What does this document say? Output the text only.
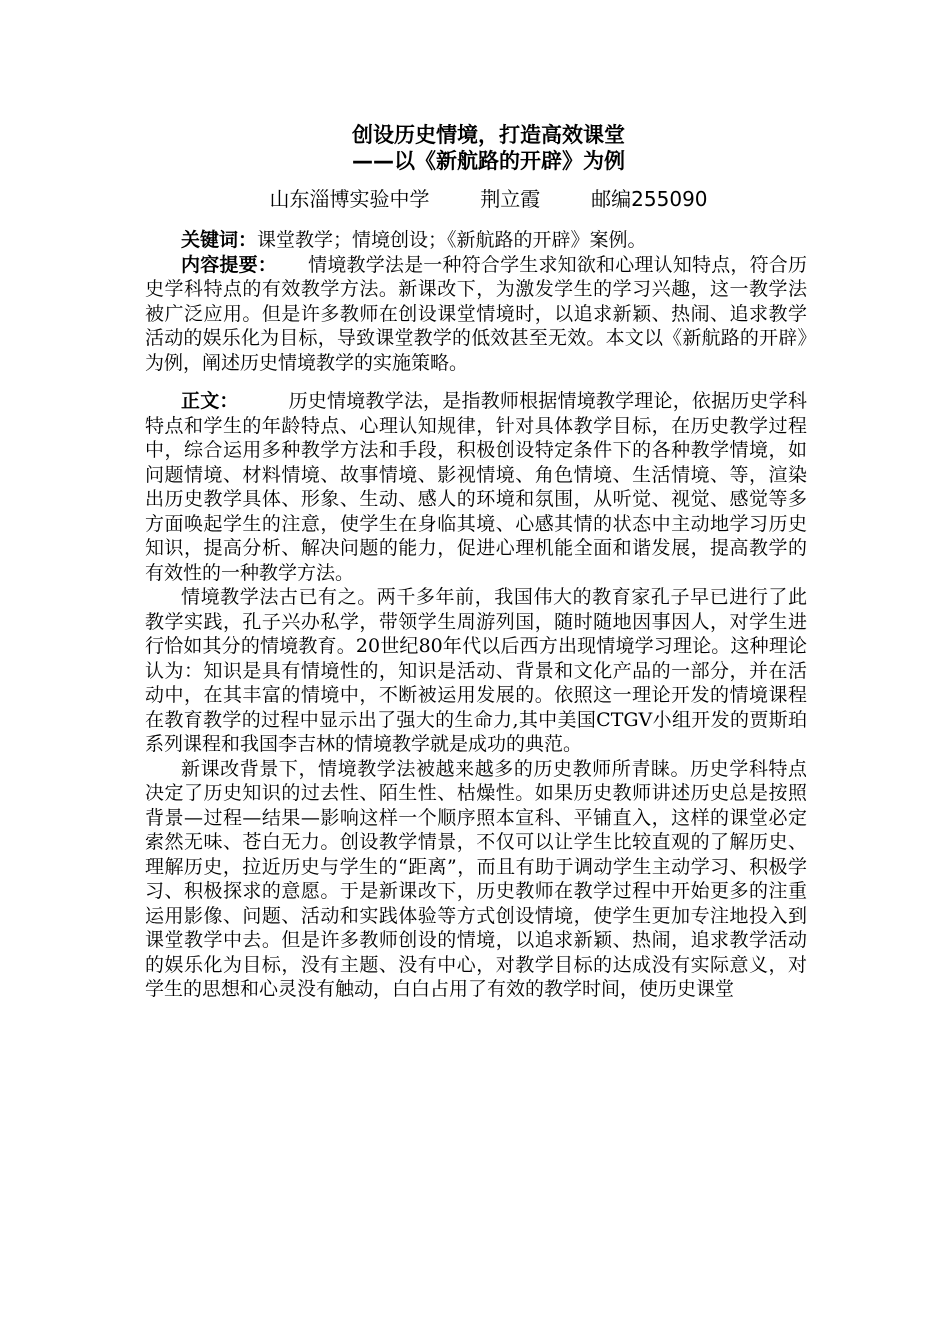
创设历史情境，打造高效课堂
——以《新航路的开辟》为例
山东淄博实验中学	荆立霞	邮编255090

关键词：课堂教学；情境创设；《新航路的开辟》案例。

内容提要： 情境教学法是一种符合学生求知欲和心理认知特点，符合历史学科特点的有效教学方法。新课改下，为激发学生的学习兴趣，这一教学法被广泛应用。但是许多教师在创设课堂情境时，以追求新颖、热闹、追求教学活动的娱乐化为目标，导致课堂教学的低效甚至无效。本文以《新航路的开辟》为例，阐述历史情境教学的实施策略。

正文：	历史情境教学法，是指教师根据情境教学理论，依据历史学科特点和学生的年龄特点、心理认知规律，针对具体教学目标，在历史教学过程中，综合运用多种教学方法和手段，积极创设特定条件下的各种教学情境，如问题情境、材料情境、故事情境、影视情境、角色情境、生活情境、等，渲染出历史教学具体、形象、生动、感人的环境和氛围，从听觉、视觉、感觉等多方面唤起学生的注意，使学生在身临其境、心感其情的状态中主动地学习历史知识，提高分析、解决问题的能力，促进心理机能全面和谐发展，提高教学的有效性的一种教学方法。

情境教学法古已有之。两千多年前，我国伟大的教育家孔子早已进行了此教学实践，孔子兴办私学，带领学生周游列国，随时随地因事因人，对学生进行恰如其分的情境教育。20世纪80年代以后西方出现情境学习理论。这种理论认为：知识是具有情境性的，知识是活动、背景和文化产品的一部分，并在活动中，在其丰富的情境中，不断被运用发展的。依照这一理论开发的情境课程在教育教学的过程中显示出了强大的生命力,其中美国CTGV小组开发的贾斯珀系列课程和我国李吉林的情境教学就是成功的典范。

新课改背景下，情境教学法被越来越多的历史教师所青睐。历史学科特点决定了历史知识的过去性、陌生性、枯燥性。如果历史教师讲述历史总是按照背景—过程—结果—影响这样一个顺序照本宣科、平铺直入，这样的课堂必定索然无味、苍白无力。创设教学情景，不仅可以让学生比较直观的了解历史、理解历史，拉近历史与学生的“距离”，而且有助于调动学生主动学习、积极学习、积极探求的意愿。于是新课改下，历史教师在教学过程中开始更多的注重运用影像、问题、活动和实践体验等方式创设情境，使学生更加专注地投入到课堂教学中去。但是许多教师创设的情境，以追求新颖、热闹，追求教学活动的娱乐化为目标，没有主题、没有中心，对教学目标的达成没有实际意义，对学生的思想和心灵没有触动，白白占用了有效的教学时间，使历史课堂
